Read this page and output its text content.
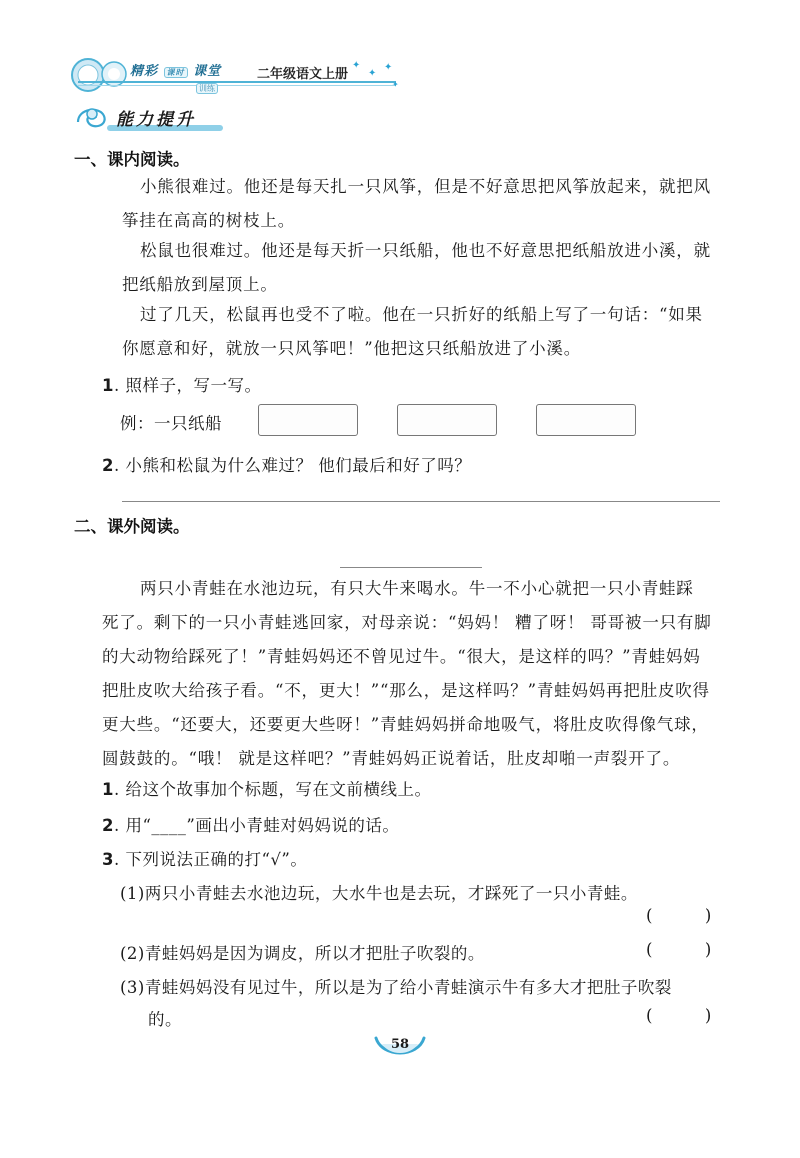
精彩 课时 课堂
训练
二年级语文上册
✦
✦
✦
✦
能力提升
一、课内阅读。
小熊很难过。他还是每天扎一只风筝，但是不好意思把风筝放起来，就把风
筝挂在高高的树枝上。
松鼠也很难过。他还是每天折一只纸船，他也不好意思把纸船放进小溪，就
把纸船放到屋顶上。
过了几天，松鼠再也受不了啦。他在一只折好的纸船上写了一句话：“如果
你愿意和好，就放一只风筝吧！”他把这只纸船放进了小溪。
1. 照样子，写一写。
例：一只纸船
2. 小熊和松鼠为什么难过？ 他们最后和好了吗？
二、课外阅读。
两只小青蛙在水池边玩，有只大牛来喝水。牛一不小心就把一只小青蛙踩
死了。剩下的一只小青蛙逃回家，对母亲说：“妈妈！ 糟了呀！ 哥哥被一只有脚
的大动物给踩死了！”青蛙妈妈还不曾见过牛。“很大，是这样的吗？”青蛙妈妈
把肚皮吹大给孩子看。“不，更大！”“那么，是这样吗？”青蛙妈妈再把肚皮吹得
更大些。“还要大，还要更大些呀！”青蛙妈妈拼命地吸气，将肚皮吹得像气球，
圆鼓鼓的。“哦！ 就是这样吧？”青蛙妈妈正说着话，肚皮却啪一声裂开了。
1. 给这个故事加个标题，写在文前横线上。
2. 用“____”画出小青蛙对妈妈说的话。
3. 下列说法正确的打“√”。
(1)两只小青蛙去水池边玩，大水牛也是去玩，才踩死了一只小青蛙。
(          )
(2)青蛙妈妈是因为调皮，所以才把肚子吹裂的。	(          )
(3)青蛙妈妈没有见过牛，所以是为了给小青蛙演示牛有多大才把肚子吹裂
的。	(          )
58
